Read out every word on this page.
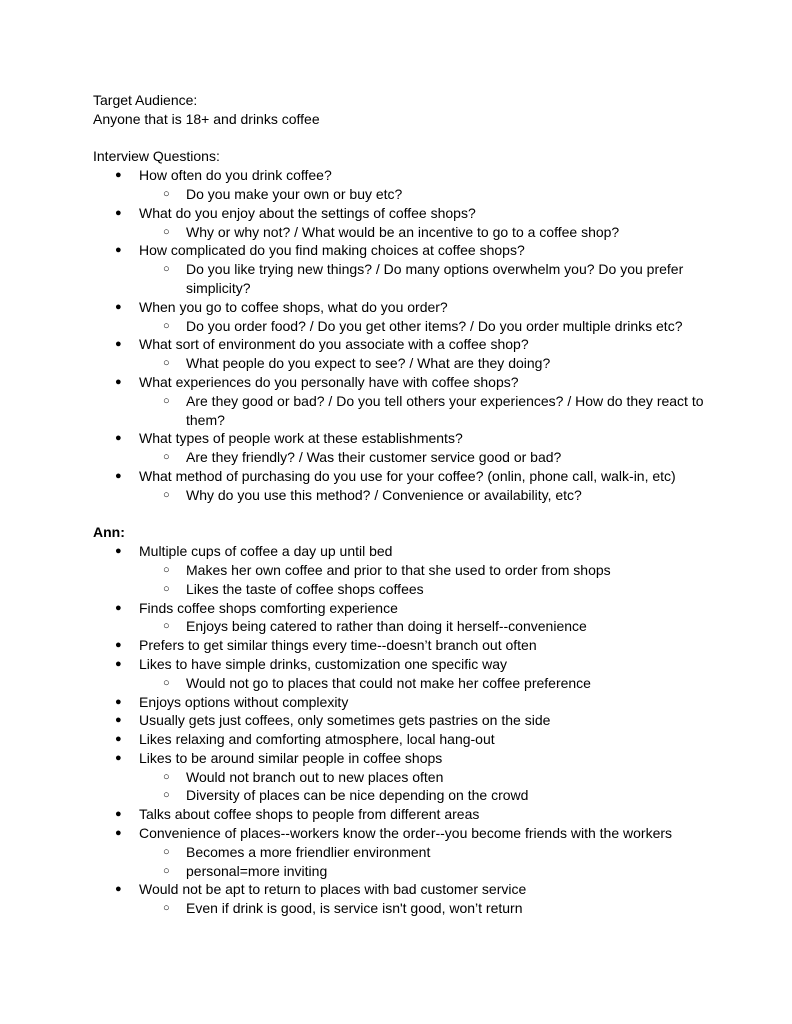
Target Audience:
Anyone that is 18+ and drinks coffee
Interview Questions:
● How often do you drink coffee?
○ Do you make your own or buy etc?
● What do you enjoy about the settings of coffee shops?
○ Why or why not? / What would be an incentive to go to a coffee shop?
● How complicated do you find making choices at coffee shops?
○ Do you like trying new things? / Do many options overwhelm you? Do you prefer simplicity?
● When you go to coffee shops, what do you order?
○ Do you order food? / Do you get other items? / Do you order multiple drinks etc?
● What sort of environment do you associate with a coffee shop?
○ What people do you expect to see? / What are they doing?
● What experiences do you personally have with coffee shops?
○ Are they good or bad? / Do you tell others your experiences? / How do they react to them?
● What types of people work at these establishments?
○ Are they friendly? / Was their customer service good or bad?
● What method of purchasing do you use for your coffee? (onlin, phone call, walk-in, etc)
○ Why do you use this method? / Convenience or availability, etc?
Ann:
● Multiple cups of coffee a day up until bed
○ Makes her own coffee and prior to that she used to order from shops
○ Likes the taste of coffee shops coffees
● Finds coffee shops comforting experience
○ Enjoys being catered to rather than doing it herself--convenience
● Prefers to get similar things every time--doesn’t branch out often
● Likes to have simple drinks, customization one specific way
○ Would not go to places that could not make her coffee preference
● Enjoys options without complexity
● Usually gets just coffees, only sometimes gets pastries on the side
● Likes relaxing and comforting atmosphere, local hang-out
● Likes to be around similar people in coffee shops
○ Would not branch out to new places often
○ Diversity of places can be nice depending on the crowd
● Talks about coffee shops to people from different areas
● Convenience of places--workers know the order--you become friends with the workers
○ Becomes a more friendlier environment
○ personal=more inviting
● Would not be apt to return to places with bad customer service
○ Even if drink is good, is service isn't good, won’t return
